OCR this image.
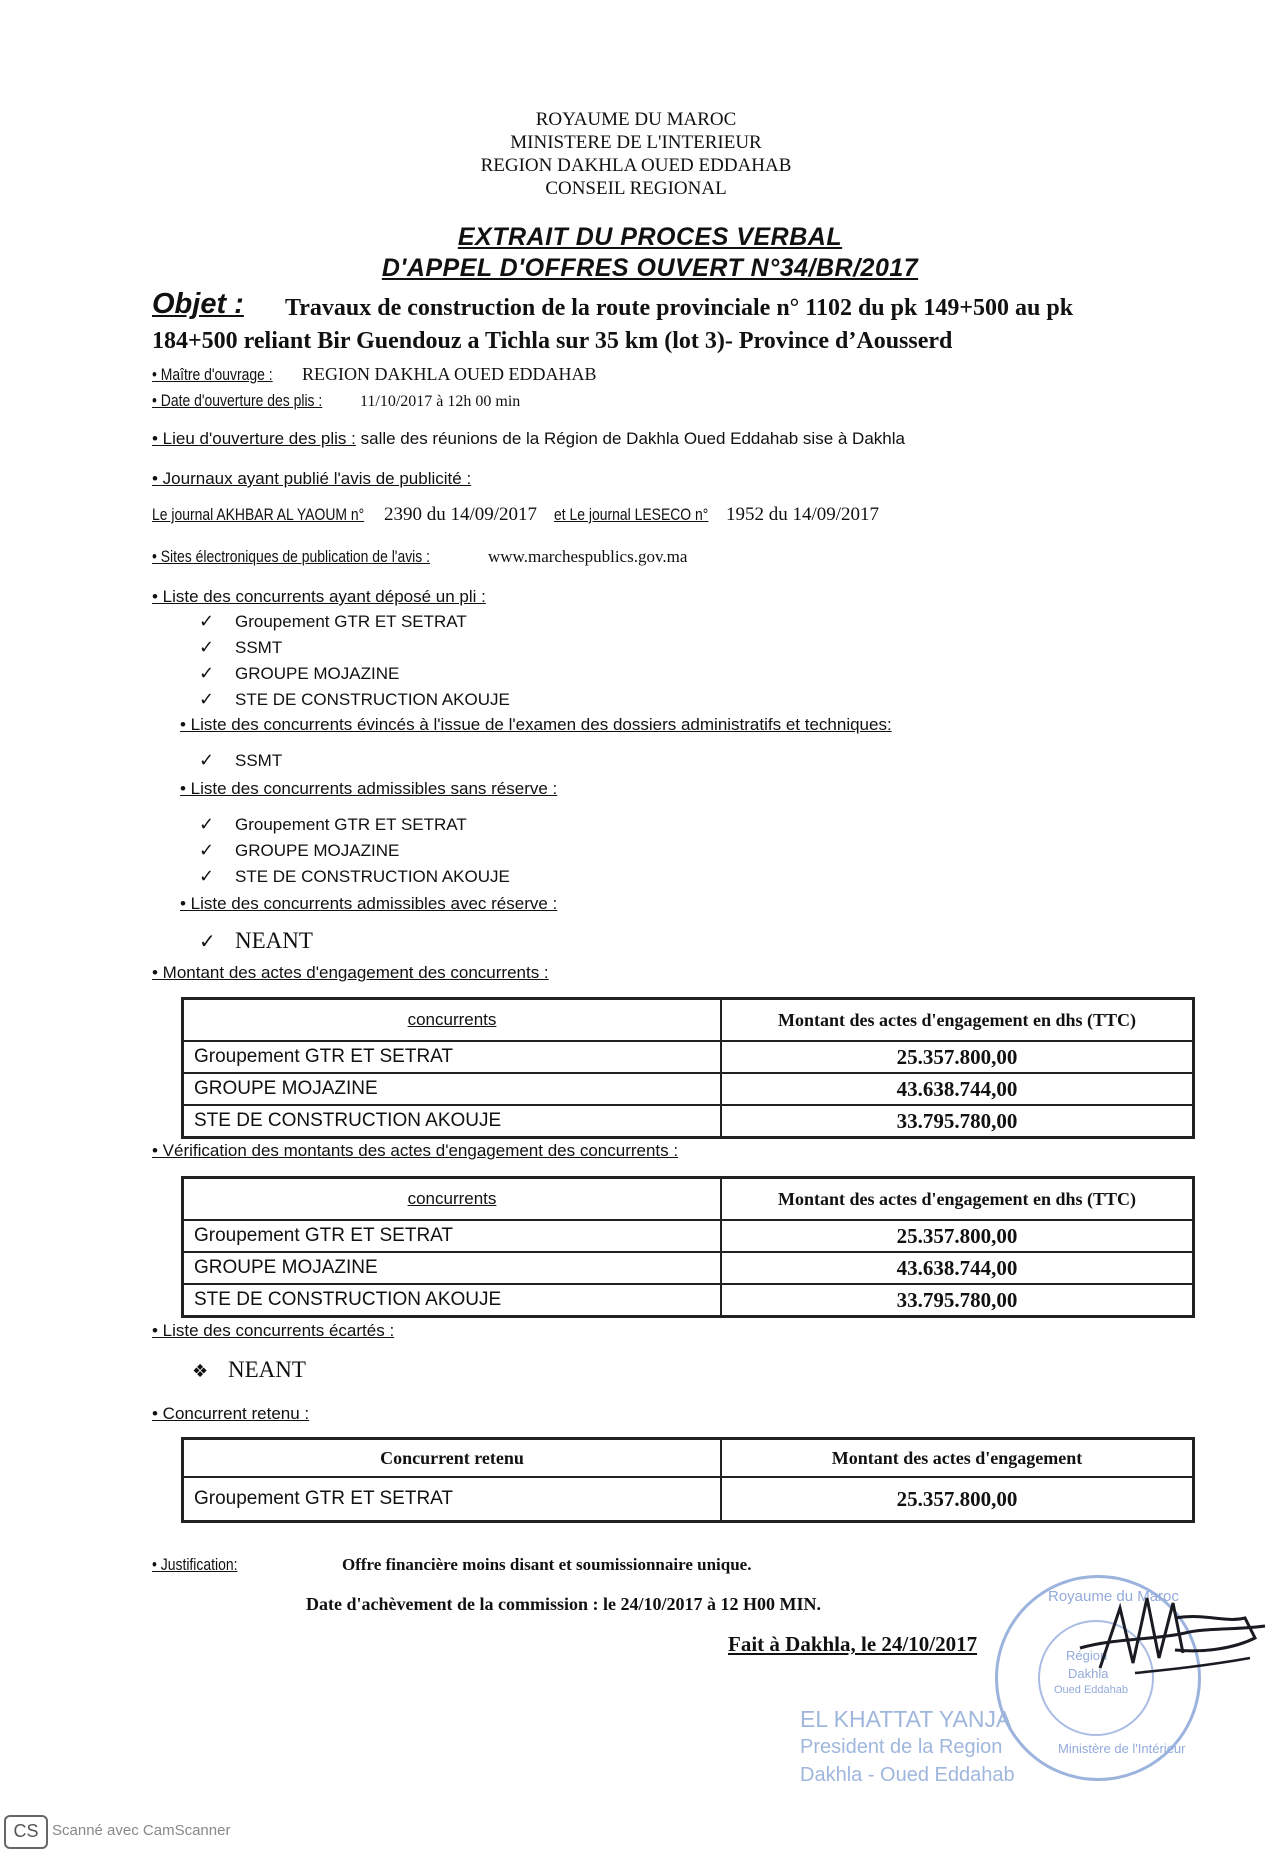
ROYAUME DU MAROC
MINISTERE DE L'INTERIEUR
REGION DAKHLA OUED EDDAHAB
CONSEIL REGIONAL
EXTRAIT DU PROCES VERBAL
D'APPEL D'OFFRES OUVERT N°34/BR/2017
Travaux de construction de la route provinciale n° 1102 du pk 149+500 au pk 184+500 reliant Bir Guendouz a Tichla sur 35 km (lot 3)- Province d’Aousserd
Objet :
• Maître d'ouvrage : REGION DAKHLA OUED EDDAHAB
• Date d'ouverture des plis : 11/10/2017 à 12h 00 min
• Lieu d'ouverture des plis : salle des réunions de la Région de Dakhla Oued Eddahab sise à Dakhla
• Journaux ayant publié l'avis de publicité :
Le journal AKHBAR AL YAOUM n° 2390 du 14/09/2017 et Le journal LESECO n° 1952 du 14/09/2017
• Sites électroniques de publication de l'avis :	www.marchespublics.gov.ma
• Liste des concurrents ayant déposé un pli :
✓ Groupement GTR ET SETRAT
✓ SSMT
✓ GROUPE MOJAZINE
✓ STE DE CONSTRUCTION AKOUJE
• Liste des concurrents évincés à l'issue de l'examen des dossiers administratifs et techniques:
✓ SSMT
• Liste des concurrents admissibles sans réserve :
✓ Groupement GTR ET SETRAT
✓ GROUPE MOJAZINE
✓ STE DE CONSTRUCTION AKOUJE
• Liste des concurrents admissibles avec réserve :
✓ NEANT
• Montant des actes d'engagement des concurrents :
concurrents	Montant des actes d'engagement en dhs (TTC)
Groupement GTR ET SETRAT	25.357.800,00
GROUPE MOJAZINE	43.638.744,00
STE DE CONSTRUCTION AKOUJE	33.795.780,00
• Vérification des montants des actes d'engagement des concurrents :
concurrents	Montant des actes d'engagement en dhs (TTC)
Groupement GTR ET SETRAT	25.357.800,00
GROUPE MOJAZINE	43.638.744,00
STE DE CONSTRUCTION AKOUJE	33.795.780,00
• Liste des concurrents écartés :
❖ NEANT
• Concurrent retenu :
Concurrent retenu	Montant des actes d'engagement
Groupement GTR ET SETRAT	25.357.800,00
• Justification:	Offre financière moins disant et soumissionnaire unique.
Date d'achèvement de la commission : le 24/10/2017 à 12 H00 MIN.	Royaume du Maroc
Ministère de l'Intérieur
Région
Dakhla
Oued Eddahab
Fait à Dakhla, le 24/10/2017
EL KHATTAT YANJA
President de la Region
Dakhla - Oued Eddahab
CS Scanné avec CamScanner
